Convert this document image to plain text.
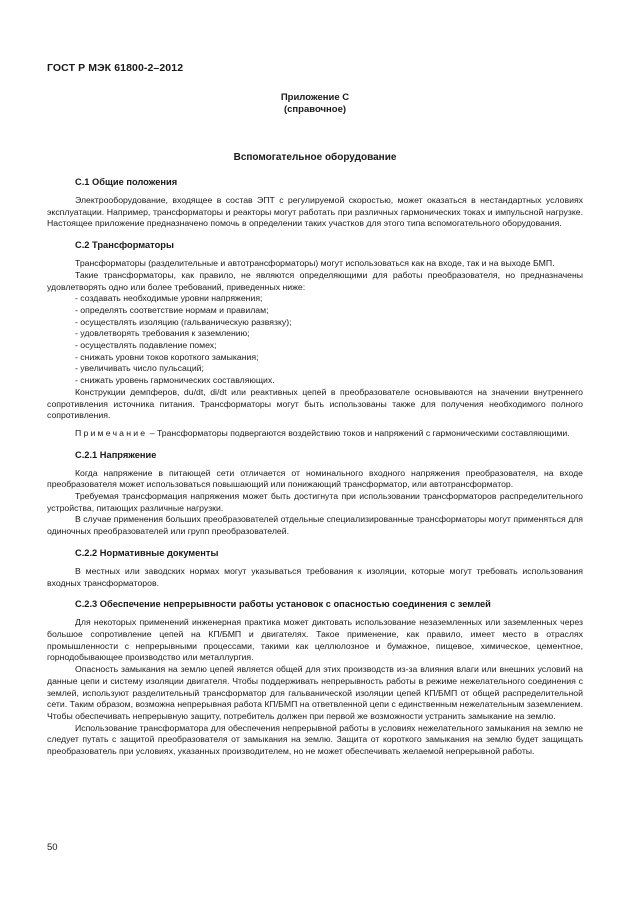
ГОСТ Р МЭК 61800-2–2012
Приложение С
(справочное)
Вспомогательное оборудование
С.1 Общие положения

Электрооборудование, входящее в состав ЭПТ с регулируемой скоростью, может оказаться в нестандартных условиях эксплуатации. Например, трансформаторы и реакторы могут работать при различных гармонических токах и импульсной нагрузке. Настоящее приложение предназначено помочь в определении таких участков для этого типа вспомогательного оборудования.

С.2 Трансформаторы

Трансформаторы (разделительные и автотрансформаторы) могут использоваться как на входе, так и на выходе БМП.

Такие трансформаторы, как правило, не являются определяющими для работы преобразователя, но предназначены удовлетворять одно или более требований, приведенных ниже:

- создавать необходимые уровни напряжения;

- определять соответствие нормам и правилам;

- осуществлять изоляцию (гальваническую развязку);

- удовлетворять требования к заземлению;

- осуществлять подавление помех;

- снижать уровни токов короткого замыкания;

- увеличивать число пульсаций;

- снижать уровень гармонических составляющих.

Конструкции демпферов, du/dt, di/dt или реактивных цепей в преобразователе основываются на значении внутреннего сопротивления источника питания. Трансформаторы могут быть использованы также для получения необходимого полного сопротивления.

Примечание – Трансформаторы подвергаются воздействию токов и напряжений с гармоническими составляющими.

С.2.1 Напряжение

Когда напряжение в питающей сети отличается от номинального входного напряжения преобразователя, на входе преобразователя может использоваться повышающий или понижающий трансформатор, или автотрансформатор.

Требуемая трансформация напряжения может быть достигнута при использовании трансформаторов распределительного устройства, питающих различные нагрузки.

В случае применения больших преобразователей отдельные специализированные трансформаторы могут применяться для одиночных преобразователей или групп преобразователей.

С.2.2 Нормативные документы

В местных или заводских нормах могут указываться требования к изоляции, которые могут требовать использования входных трансформаторов.

С.2.3 Обеспечение непрерывности работы установок с опасностью соединения с землей

Для некоторых применений инженерная практика может диктовать использование незаземленных или заземленных через большое сопротивление цепей на КП/БМП и двигателях. Такое применение, как правило, имеет место в отраслях промышленности с непрерывными процессами, такими как целлюлозное и бумажное, пищевое, химическое, цементное, горнодобывающее производство или металлургия.

Опасность замыкания на землю цепей является общей для этих производств из-за влияния влаги или внешних условий на данные цепи и систему изоляции двигателя. Чтобы поддерживать непрерывность работы в режиме нежелательного соединения с землей, используют разделительный трансформатор для гальванической изоляции цепей КП/БМП от общей распределительной сети. Таким образом, возможна непрерывная работа КП/БМП на ответвленной цепи с единственным нежелательным заземлением. Чтобы обеспечивать непрерывную защиту, потребитель должен при первой же возможности устранить замыкание на землю.

Использование трансформатора для обеспечения непрерывной работы в условиях нежелательного замыкания на землю не следует путать с защитой преобразователя от замыкания на землю. Защита от короткого замыкания на землю будет защищать преобразователь при условиях, указанных производителем, но не может обеспечивать желаемой непрерывной работы.

50
